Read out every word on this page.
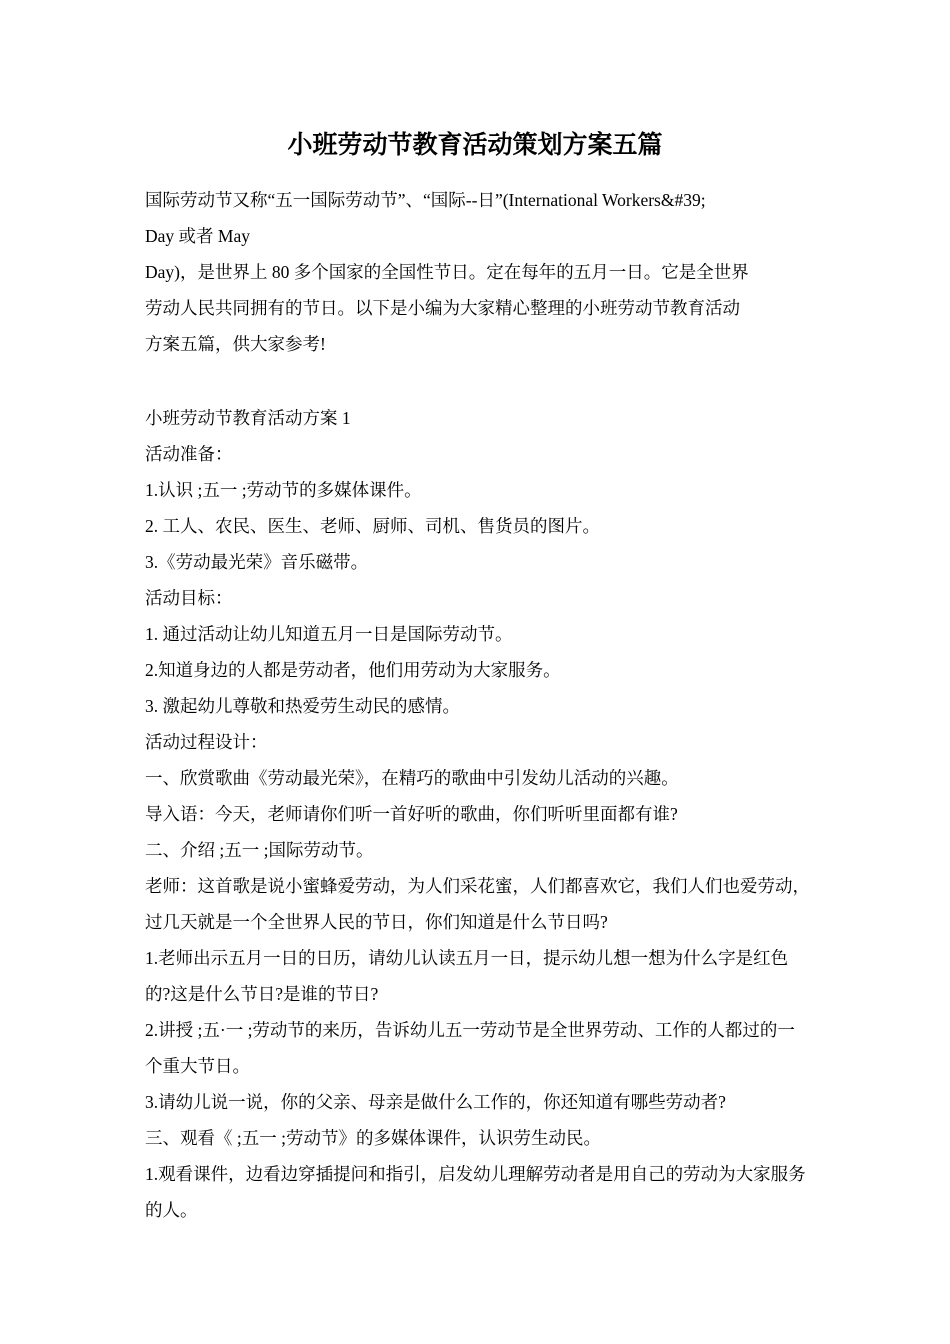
小班劳动节教育活动策划方案五篇
国际劳动节又称“五一国际劳动节”、“国际--日”(International Workers&#39;
Day 或者 May
Day)，是世界上 80 多个国家的全国性节日。定在每年的五月一日。它是全世界
劳动人民共同拥有的节日。以下是小编为大家精心整理的小班劳动节教育活动
方案五篇，供大家参考!

小班劳动节教育活动方案 1

活动准备：

1.认识 ;五一 ;劳动节的多媒体课件。

2. 工人、农民、医生、老师、厨师、司机、售货员的图片。

3.《劳动最光荣》音乐磁带。

活动目标：

1. 通过活动让幼儿知道五月一日是国际劳动节。

2.知道身边的人都是劳动者，他们用劳动为大家服务。

3. 激起幼儿尊敬和热爱劳生动民的感情。

活动过程设计：

一、欣赏歌曲《劳动最光荣》，在精巧的歌曲中引发幼儿活动的兴趣。

导入语：今天，老师请你们听一首好听的歌曲，你们听听里面都有谁?

二、介绍 ;五一 ;国际劳动节。

老师：这首歌是说小蜜蜂爱劳动，为人们采花蜜，人们都喜欢它，我们人们也爱劳动，过几天就是一个全世界人民的节日，你们知道是什么节日吗?

1.老师出示五月一日的日历，请幼儿认读五月一日，提示幼儿想一想为什么字是红色的?这是什么节日?是谁的节日?

2.讲授 ;五·一 ;劳动节的来历，告诉幼儿五一劳动节是全世界劳动、工作的人都过的一个重大节日。

3.请幼儿说一说，你的父亲、母亲是做什么工作的，你还知道有哪些劳动者?

三、观看《 ;五一 ;劳动节》的多媒体课件，认识劳生动民。

1.观看课件，边看边穿插提问和指引，启发幼儿理解劳动者是用自己的劳动为大家服务的人。
